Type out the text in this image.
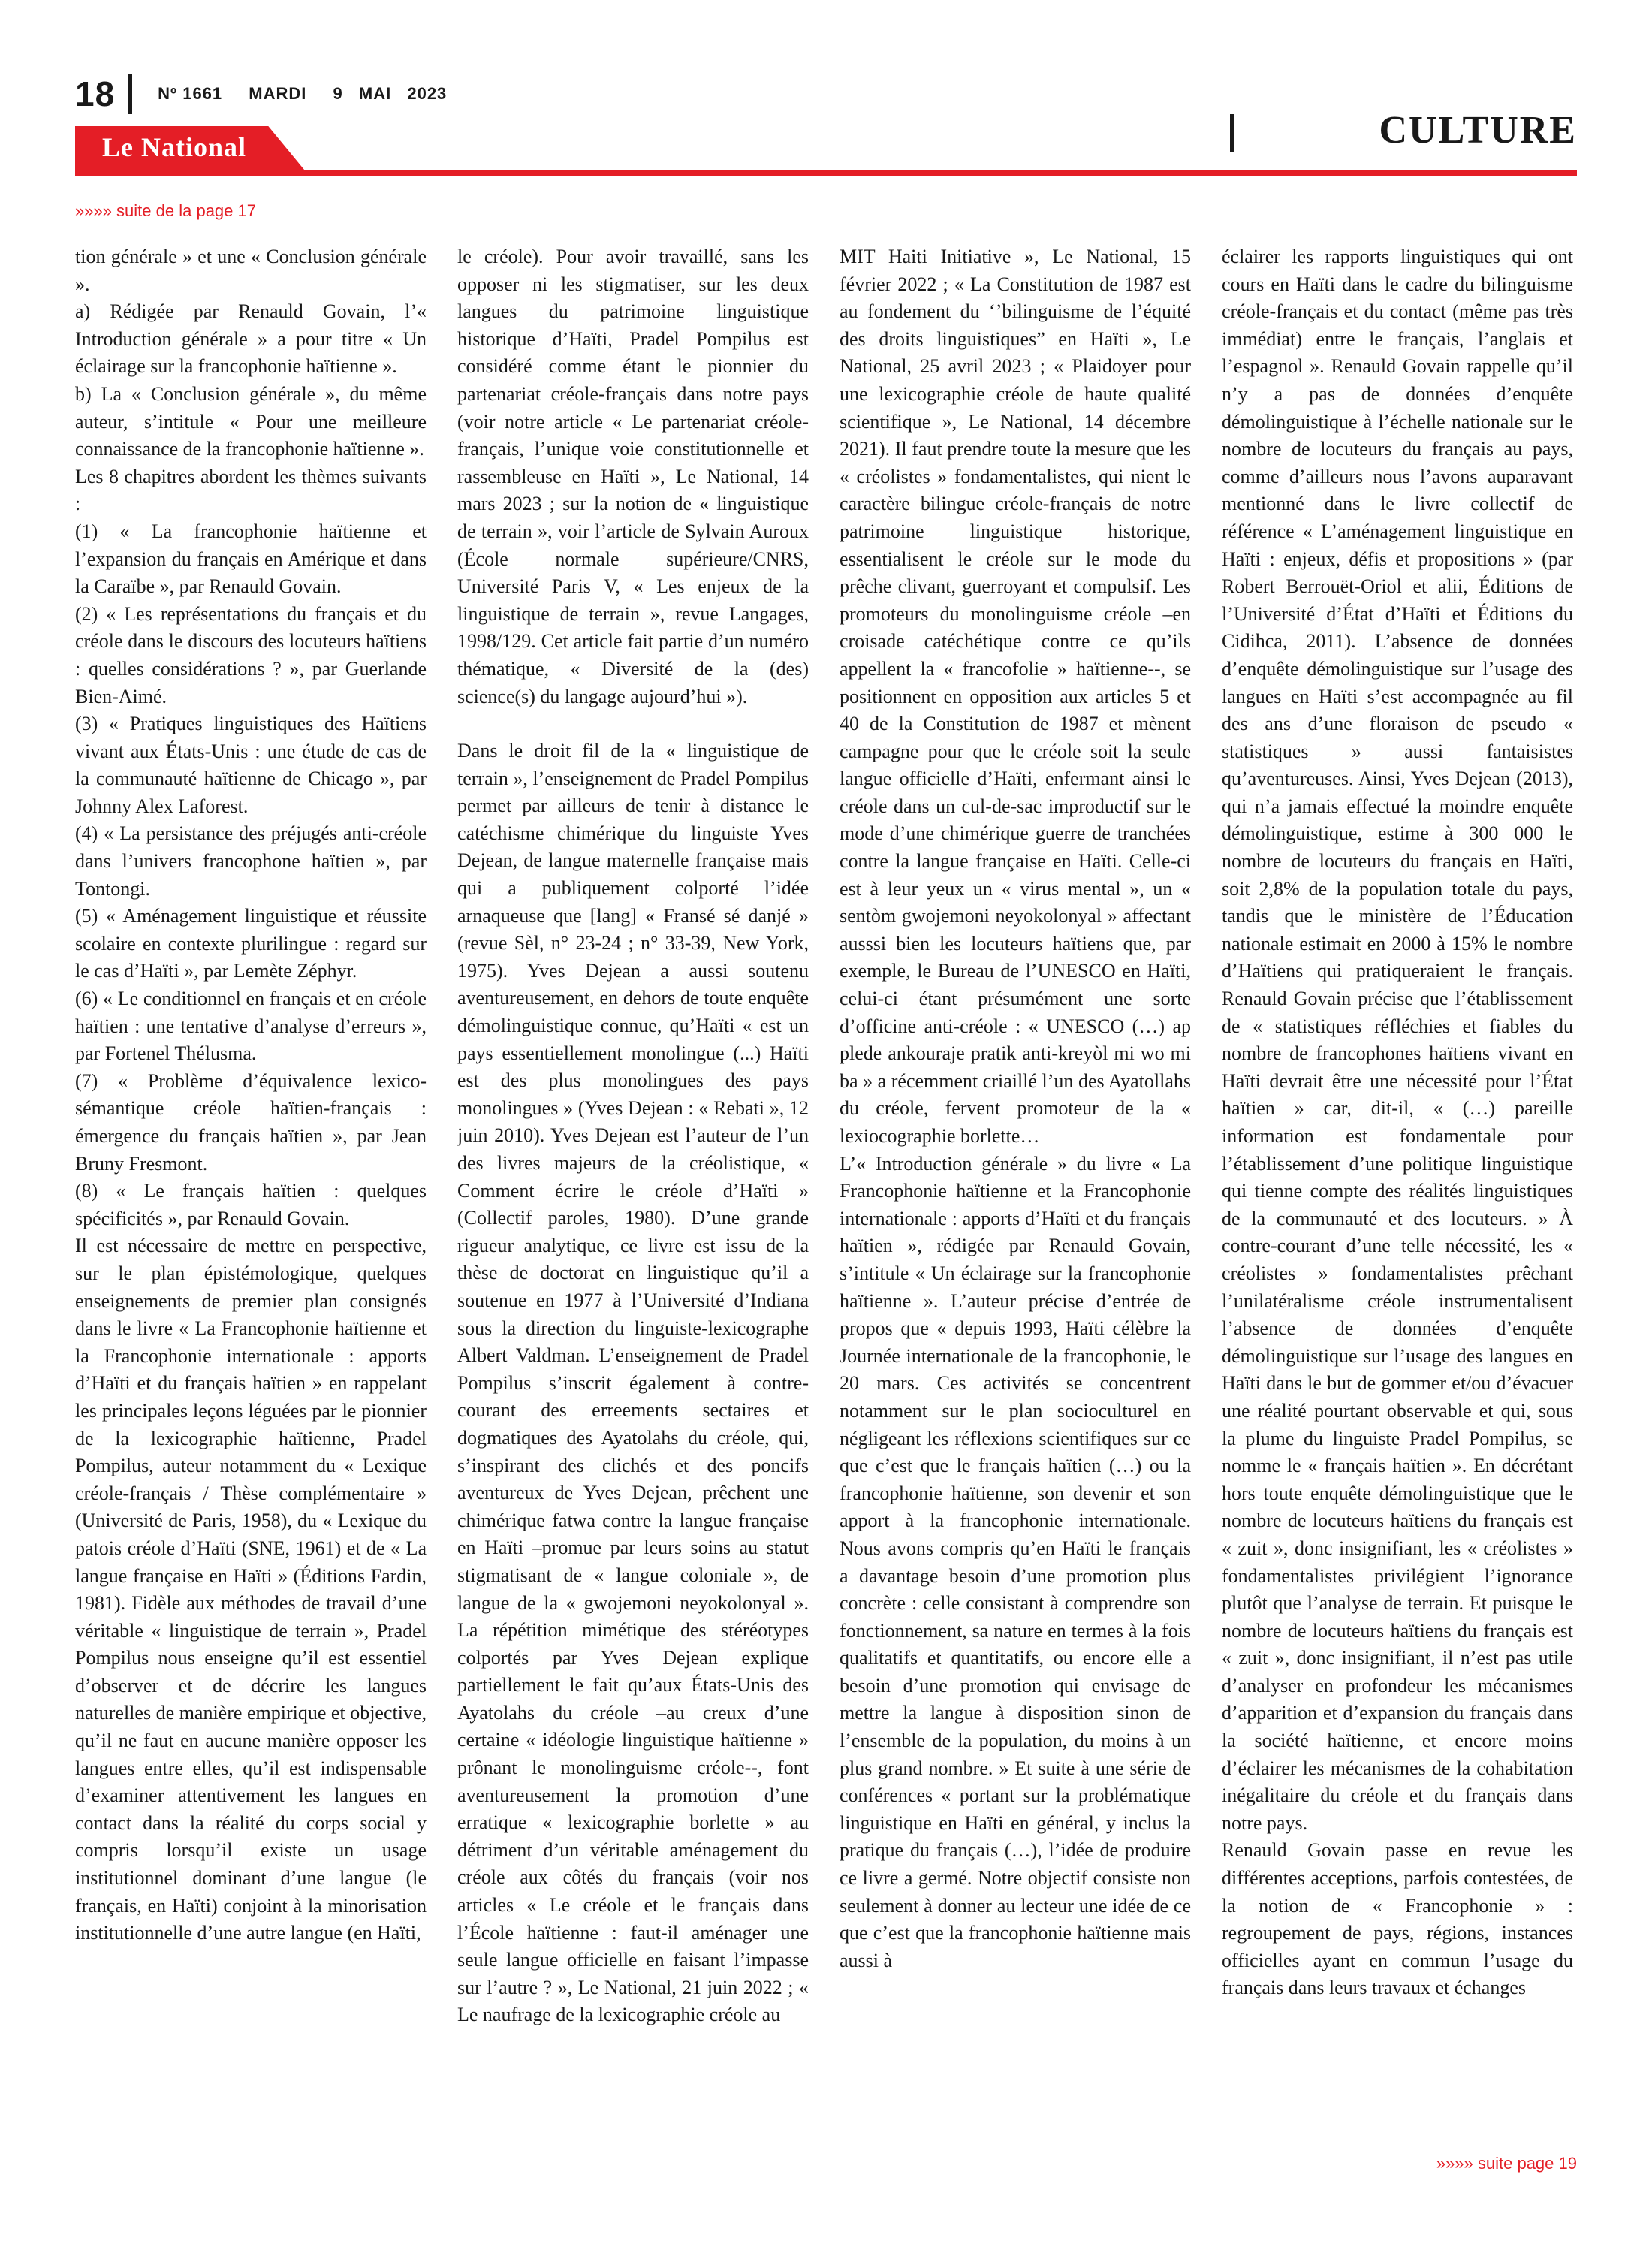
18	Nº 1661 MARDI 9 MAI 2023
CULTURE
Le National
»»»» suite de la page 17

tion générale » et une « Conclusion générale ».

a) Rédigée par Renauld Govain, l’« Introduction générale » a pour titre « Un éclairage sur la francophonie haïtienne ».

b) La « Conclusion générale », du même auteur, s’intitule « Pour une meilleure connaissance de la francophonie haïtienne ».

Les 8 chapitres abordent les thèmes suivants :

(1) « La francophonie haïtienne et l’expansion du français en Amérique et dans la Caraïbe », par Renauld Govain.

(2) « Les représentations du français et du créole dans le discours des locuteurs haïtiens : quelles considérations ? », par Guerlande Bien-Aimé.

(3) « Pratiques linguistiques des Haïtiens vivant aux États-Unis : une étude de cas de la communauté haïtienne de Chicago », par Johnny Alex Laforest.

(4) « La persistance des préjugés anti-créole dans l’univers francophone haïtien », par Tontongi.

(5) « Aménagement linguistique et réussite scolaire en contexte plurilingue : regard sur le cas d’Haïti », par Lemète Zéphyr.

(6) « Le conditionnel en français et en créole haïtien : une tentative d’analyse d’erreurs », par Fortenel Thélusma.

(7) « Problème d’équivalence lexico-sémantique créole haïtien-français : émergence du français haïtien », par Jean Bruny Fresmont.

(8) « Le français haïtien : quelques spécificités », par Renauld Govain.

Il est nécessaire de mettre en perspective, sur le plan épistémologique, quelques enseignements de premier plan consignés dans le livre « La Francophonie haïtienne et la Francophonie internationale : apports d’Haïti et du français haïtien » en rappelant les principales leçons léguées par le pionnier de la lexicographie haïtienne, Pradel Pompilus, auteur notamment du « Lexique créole-français / Thèse complémentaire » (Université de Paris, 1958), du « Lexique du patois créole d’Haïti (SNE, 1961) et de « La langue française en Haïti » (Éditions Fardin, 1981). Fidèle aux méthodes de travail d’une véritable « linguistique de terrain », Pradel Pompilus nous enseigne qu’il est essentiel d’observer et de décrire les langues naturelles de manière empirique et objective, qu’il ne faut en aucune manière opposer les langues entre elles, qu’il est indispensable d’examiner attentivement les langues en contact dans la réalité du corps social y compris lorsqu’il existe un usage institutionnel dominant d’une langue (le français, en Haïti) conjoint à la minorisation institutionnelle d’une autre langue (en Haïti,

le créole). Pour avoir travaillé, sans les opposer ni les stigmatiser, sur les deux langues du patrimoine linguistique historique d’Haïti, Pradel Pompilus est considéré comme étant le pionnier du partenariat créole-français dans notre pays (voir notre article « Le partenariat créole-français, l’unique voie constitutionnelle et rassembleuse en Haïti », Le National, 14 mars 2023 ; sur la notion de « linguistique de terrain », voir l’article de Sylvain Auroux (École normale supérieure/CNRS, Université Paris V, « Les enjeux de la linguistique de terrain », revue Langages, 1998/129. Cet article fait partie d’un numéro thématique, « Diversité de la (des) science(s) du langage aujourd’hui »).

Dans le droit fil de la « linguistique de terrain », l’enseignement de Pradel Pompilus permet par ailleurs de tenir à distance le catéchisme chimérique du linguiste Yves Dejean, de langue maternelle française mais qui a publiquement colporté l’idée arnaqueuse que [lang] « Fransé sé danjé » (revue Sèl, n° 23-24 ; n° 33-39, New York, 1975). Yves Dejean a aussi soutenu aventureusement, en dehors de toute enquête démolinguistique connue, qu’Haïti « est un pays essentiellement monolingue (...) Haïti est des plus monolingues des pays monolingues » (Yves Dejean : « Rebati », 12 juin 2010). Yves Dejean est l’auteur de l’un des livres majeurs de la créolistique, « Comment écrire le créole d’Haïti » (Collectif paroles, 1980). D’une grande rigueur analytique, ce livre est issu de la thèse de doctorat en linguistique qu’il a soutenue en 1977 à l’Université d’Indiana sous la direction du linguiste-lexicographe Albert Valdman. L’enseignement de Pradel Pompilus s’inscrit également à contre-courant des erreements sectaires et dogmatiques des Ayatolahs du créole, qui, s’inspirant des clichés et des poncifs aventureux de Yves Dejean, prêchent une chimérique fatwa contre la langue française en Haïti –promue par leurs soins au statut stigmatisant de « langue coloniale », de langue de la « gwojemoni neyokolonyal ». La répétition mimétique des stéréotypes colportés par Yves Dejean explique partiellement le fait qu’aux États-Unis des Ayatolahs du créole –au creux d’une certaine « idéologie linguistique haïtienne » prônant le monolinguisme créole--, font aventureusement la promotion d’une erratique « lexicographie borlette » au détriment d’un véritable aménagement du créole aux côtés du français (voir nos articles « Le créole et le français dans l’École haïtienne : faut-il aménager une seule langue officielle en faisant l’impasse sur l’autre ? », Le National, 21 juin 2022 ; « Le naufrage de la lexicographie créole au

MIT Haiti Initiative », Le National, 15 février 2022 ; « La Constitution de 1987 est au fondement du ‘’bilinguisme de l’équité des droits linguistiques” en Haïti », Le National, 25 avril 2023 ; « Plaidoyer pour une lexicographie créole de haute qualité scientifique », Le National, 14 décembre 2021). Il faut prendre toute la mesure que les « créolistes » fondamentalistes, qui nient le caractère bilingue créole-français de notre patrimoine linguistique historique, essentialisent le créole sur le mode du prêche clivant, guerroyant et compulsif. Les promoteurs du monolinguisme créole –en croisade catéchétique contre ce qu’ils appellent la « francofolie » haïtienne--, se positionnent en opposition aux articles 5 et 40 de la Constitution de 1987 et mènent campagne pour que le créole soit la seule langue officielle d’Haïti, enfermant ainsi le créole dans un cul-de-sac improductif sur le mode d’une chimérique guerre de tranchées contre la langue française en Haïti. Celle-ci est à leur yeux un « virus mental », un « sentòm gwojemoni neyokolonyal » affectant ausssi bien les locuteurs haïtiens que, par exemple, le Bureau de l’UNESCO en Haïti, celui-ci étant présumément une sorte d’officine anti-créole : « UNESCO (…) ap plede ankouraje pratik anti-kreyòl mi wo mi ba » a récemment criaillé l’un des Ayatollahs du créole, fervent promoteur de la « lexiocographie borlette…

L’« Introduction générale » du livre « La Francophonie haïtienne et la Francophonie internationale : apports d’Haïti et du français haïtien », rédigée par Renauld Govain, s’intitule « Un éclairage sur la francophonie haïtienne ». L’auteur précise d’entrée de propos que « depuis 1993, Haïti célèbre la Journée internationale de la francophonie, le 20 mars. Ces activités se concentrent notamment sur le plan socioculturel en négligeant les réflexions scientifiques sur ce que c’est que le français haïtien (…) ou la francophonie haïtienne, son devenir et son apport à la francophonie internationale. Nous avons compris qu’en Haïti le français a davantage besoin d’une promotion plus concrète : celle consistant à comprendre son fonctionnement, sa nature en termes à la fois qualitatifs et quantitatifs, ou encore elle a besoin d’une promotion qui envisage de mettre la langue à disposition sinon de l’ensemble de la population, du moins à un plus grand nombre. » Et suite à une série de conférences « portant sur la problématique linguistique en Haïti en général, y inclus la pratique du français (…), l’idée de produire ce livre a germé. Notre objectif consiste non seulement à donner au lecteur une idée de ce que c’est que la francophonie haïtienne mais aussi à

éclairer les rapports linguistiques qui ont cours en Haïti dans le cadre du bilinguisme créole-français et du contact (même pas très immédiat) entre le français, l’anglais et l’espagnol ». Renauld Govain rappelle qu’il n’y a pas de données d’enquête démolinguistique à l’échelle nationale sur le nombre de locuteurs du français au pays, comme d’ailleurs nous l’avons auparavant mentionné dans le livre collectif de référence « L’aménagement linguistique en Haïti : enjeux, défis et propositions » (par Robert Berrouët-Oriol et alii, Éditions de l’Université d’État d’Haïti et Éditions du Cidihca, 2011). L’absence de données d’enquête démolinguistique sur l’usage des langues en Haïti s’est accompagnée au fil des ans d’une floraison de pseudo « statistiques » aussi fantaisistes qu’aventureuses. Ainsi, Yves Dejean (2013), qui n’a jamais effectué la moindre enquête démolinguistique, estime à 300 000 le nombre de locuteurs du français en Haïti, soit 2,8% de la population totale du pays, tandis que le ministère de l’Éducation nationale estimait en 2000 à 15% le nombre d’Haïtiens qui pratiqueraient le français. Renauld Govain précise que l’établissement de « statistiques réfléchies et fiables du nombre de francophones haïtiens vivant en Haïti devrait être une nécessité pour l’État haïtien » car, dit-il, « (…) pareille information est fondamentale pour l’établissement d’une politique linguistique qui tienne compte des réalités linguistiques de la communauté et des locuteurs. » À contre-courant d’une telle nécessité, les « créolistes » fondamentalistes prêchant l’unilatéralisme créole instrumentalisent l’absence de données d’enquête démolinguistique sur l’usage des langues en Haïti dans le but de gommer et/ou d’évacuer une réalité pourtant observable et qui, sous la plume du linguiste Pradel Pompilus, se nomme le « français haïtien ». En décrétant hors toute enquête démolinguistique que le nombre de locuteurs haïtiens du français est « zuit », donc insignifiant, les « créolistes » fondamentalistes privilégient l’ignorance plutôt que l’analyse de terrain. Et puisque le nombre de locuteurs haïtiens du français est « zuit », donc insignifiant, il n’est pas utile d’analyser en profondeur les mécanismes d’apparition et d’expansion du français dans la société haïtienne, et encore moins d’éclairer les mécanismes de la cohabitation inégalitaire du créole et du français dans notre pays.

Renauld Govain passe en revue les différentes acceptions, parfois contestées, de la notion de « Francophonie » : regroupement de pays, régions, instances officielles ayant en commun l’usage du français dans leurs travaux et échanges

»»»» suite page 19
